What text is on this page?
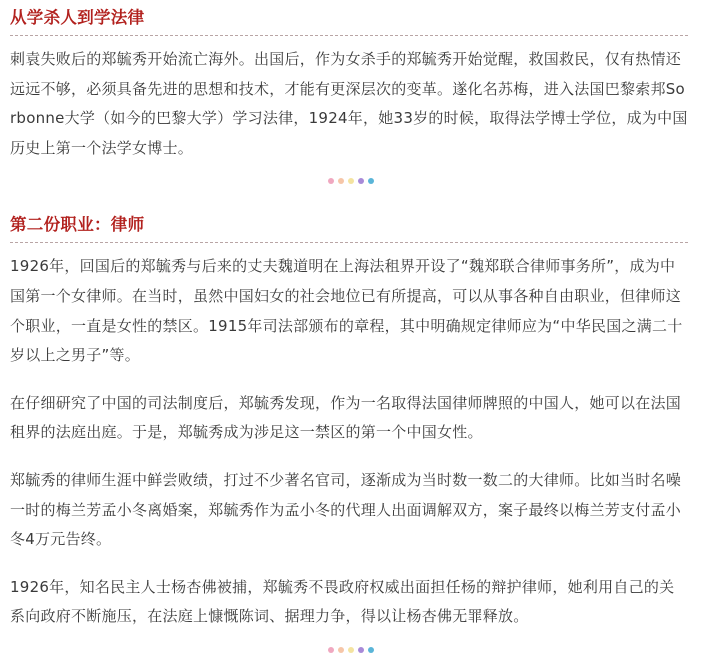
从学杀人到学法律

刺袁失败后的郑毓秀开始流亡海外。出国后，作为女杀手的郑毓秀开始觉醒，救国救民，仅有热情还远远不够，必须具备先进的思想和技术，才能有更深层次的变革。遂化名苏梅，进入法国巴黎索邦Sorbonne大学（如今的巴黎大学）学习法律，1924年，她33岁的时候，取得法学博士学位，成为中国历史上第一个法学女博士。

第二份职业：律师

1926年，回国后的郑毓秀与后来的丈夫魏道明在上海法租界开设了“魏郑联合律师事务所”，成为中国第一个女律师。在当时，虽然中国妇女的社会地位已有所提高，可以从事各种自由职业，但律师这个职业，一直是女性的禁区。1915年司法部颁布的章程，其中明确规定律师应为“中华民国之满二十岁以上之男子”等。

在仔细研究了中国的司法制度后，郑毓秀发现，作为一名取得法国律师牌照的中国人，她可以在法国租界的法庭出庭。于是，郑毓秀成为涉足这一禁区的第一个中国女性。

郑毓秀的律师生涯中鲜尝败绩，打过不少著名官司，逐渐成为当时数一数二的大律师。比如当时名噪一时的梅兰芳孟小冬离婚案，郑毓秀作为孟小冬的代理人出面调解双方，案子最终以梅兰芳支付孟小冬4万元告终。

1926年，知名民主人士杨杏佛被捕，郑毓秀不畏政府权威出面担任杨的辩护律师，她利用自己的关系向政府不断施压，在法庭上慷慨陈词、据理力争，得以让杨杏佛无罪释放。
